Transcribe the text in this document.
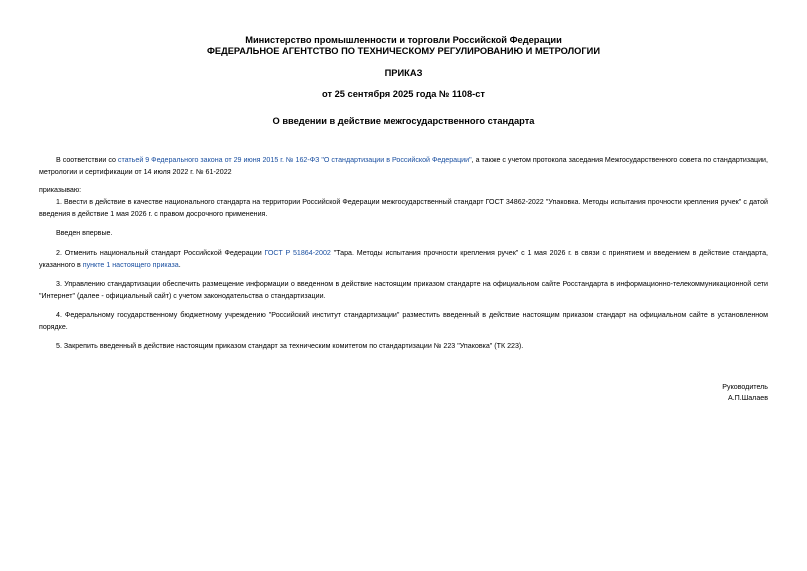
Министерство промышленности и торговли Российской Федерации
ФЕДЕРАЛЬНОЕ АГЕНТСТВО ПО ТЕХНИЧЕСКОМУ РЕГУЛИРОВАНИЮ И МЕТРОЛОГИИ
ПРИКАЗ
от 25 сентября 2025 года № 1108-ст
О введении в действие межгосударственного стандарта
В соответствии со статьей 9 Федерального закона от 29 июня 2015 г. № 162-ФЗ "О стандартизации в Российской Федерации", а также с учетом протокола заседания Межгосударственного совета по стандартизации, метрологии и сертификации от 14 июля 2022 г. № 61-2022
приказываю:
1. Ввести в действие в качестве национального стандарта на территории Российской Федерации межгосударственный стандарт ГОСТ 34862-2022 "Упаковка. Методы испытания прочности крепления ручек" с датой введения в действие 1 мая 2026 г. с правом досрочного применения.
Введен впервые.
2. Отменить национальный стандарт Российской Федерации ГОСТ Р 51864-2002 "Тара. Методы испытания прочности крепления ручек" с 1 мая 2026 г. в связи с принятием и введением в действие стандарта, указанного в пункте 1 настоящего приказа.
3. Управлению стандартизации обеспечить размещение информации о введенном в действие настоящим приказом стандарте на официальном сайте Росстандарта в информационно-телекоммуникационной сети "Интернет" (далее - официальный сайт) с учетом законодательства о стандартизации.
4. Федеральному государственному бюджетному учреждению "Российский институт стандартизации" разместить введенный в действие настоящим приказом стандарт на официальном сайте в установленном порядке.
5. Закрепить введенный в действие настоящим приказом стандарт за техническим комитетом по стандартизации № 223 "Упаковка" (ТК 223).
Руководитель
А.П.Шалаев
